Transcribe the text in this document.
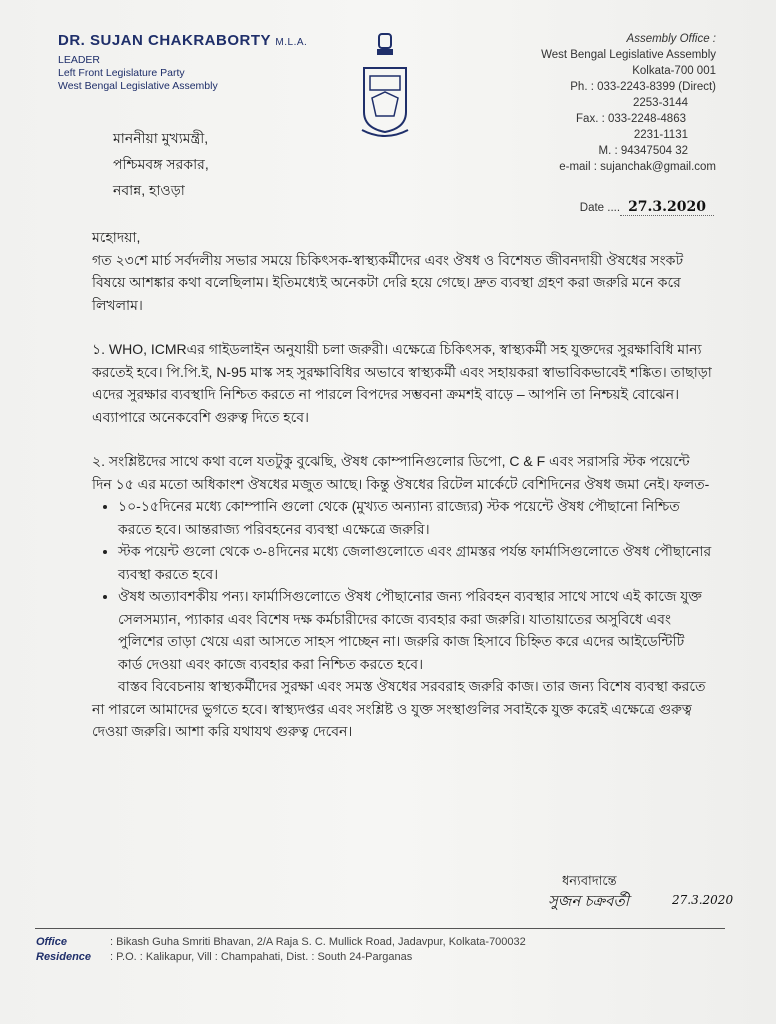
DR. SUJAN CHAKRABORTY M.L.A.
LEADER
Left Front Legislature Party
West Bengal Legislative Assembly
Assembly Office :
West Bengal Legislative Assembly
Kolkata-700 001
Ph. : 033-2243-8399 (Direct)
2253-3144
Fax. : 033-2248-4863
2231-1131
M. : 94347504 32
e-mail : sujanchak@gmail.com
Date .... 27.3.2020
মাননীয়া মুখ্যমন্ত্রী,
পশ্চিমবঙ্গ সরকার,
নবান্ন, হাওড়া

মহোদয়া,

গত ২৩শে মার্চ সর্বদলীয় সভার সময়ে চিকিৎসক-স্বাস্থ্যকর্মীদের এবং ঔষধ ও বিশেষত জীবনদায়ী ঔষধের সংকট বিষয়ে আশঙ্কার কথা বলেছিলাম। ইতিমধ্যেই অনেকটা দেরি হয়ে গেছে। দ্রুত ব্যবস্থা গ্রহণ করা জরুরি মনে করে লিখলাম।

১. WHO, ICMRএর গাইডলাইন অনুযায়ী চলা জরুরী। এক্ষেত্রে চিকিৎসক, স্বাস্থ্যকর্মী সহ যুক্তদের সুরক্ষাবিধি মান্য করতেই হবে। পি.পি.ই, N-95 মাস্ক সহ সুরক্ষাবিধির অভাবে স্বাস্থ্যকর্মী এবং সহায়করা স্বাভাবিকভাবেই শঙ্কিত। তাছাড়া এদের সুরক্ষার ব্যবস্থাদি নিশ্চিত করতে না পারলে বিপদের সম্ভবনা ক্রমশই বাড়ে – আপনি তা নিশ্চয়ই বোঝেন। এব্যাপারে অনেকবেশি গুরুত্ব দিতে হবে।

২. সংশ্লিষ্টদের সাথে কথা বলে যতটুকু বুঝেছি, ঔষধ কোম্পানিগুলোর ডিপো, C & F এবং সরাসরি স্টক পয়েন্টে দিন ১৫ এর মতো অধিকাংশ ঔষধের মজুত আছে। কিন্তু ঔষধের রিটেল মার্কেটে বেশিদিনের ঔষধ জমা নেই। ফলত-

• ১০-১৫দিনের মধ্যে কোম্পানি গুলো থেকে (মুখ্যত অন্যান্য রাজ্যের) স্টক পয়েন্টে ঔষধ পৌছানো নিশ্চিত করতে হবে। আন্তরাজ্য পরিবহনের ব্যবস্থা এক্ষেত্রে জরুরি।
• স্টক পয়েন্ট গুলো থেকে ৩-৪দিনের মধ্যে জেলাগুলোতে এবং গ্রামস্তর পর্যন্ত ফার্মাসিগুলোতে ঔষধ পৌছানোর ব্যবস্থা করতে হবে।
• ঔষধ অত্যাবশকীয় পন্য। ফার্মাসিগুলোতে ঔষধ পৌছানোর জন্য পরিবহন ব্যবস্থার সাথে সাথে এই কাজে যুক্ত সেলসম্যান, প্যাকার এবং বিশেষ দক্ষ কর্মচারীদের কাজে ব্যবহার করা জরুরি। যাতায়াতের অসুবিধে এবং পুলিশের তাড়া খেয়ে এরা আসতে সাহস পাচ্ছেন না। জরুরি কাজ হিসাবে চিহ্নিত করে এদের আইডেন্টিটি কার্ড দেওয়া এবং কাজে ব্যবহার করা নিশ্চিত করতে হবে।

বাস্তব বিবেচনায় স্বাস্থ্যকর্মীদের সুরক্ষা এবং সমস্ত ঔষধের সরবরাহ জরুরি কাজ। তার জন্য বিশেষ ব্যবস্থা করতে না পারলে আমাদের ভুগতে হবে। স্বাস্থ্যদপ্তর এবং সংশ্লিষ্ট ও যুক্ত সংস্থাগুলির সবাইকে যুক্ত করেই এক্ষেত্রে গুরুত্ব দেওয়া জরুরি। আশা করি যথাযথ গুরুত্ব দেবেন।

ধন্যবাদান্তে
সুজন চক্রবর্তী	27.3.2020
Office	: Bikash Guha Smriti Bhavan, 2/A Raja S. C. Mullick Road, Jadavpur, Kolkata-700032
Residence : P.O. : Kalikapur, Vill : Champahati, Dist. : South 24-Parganas
